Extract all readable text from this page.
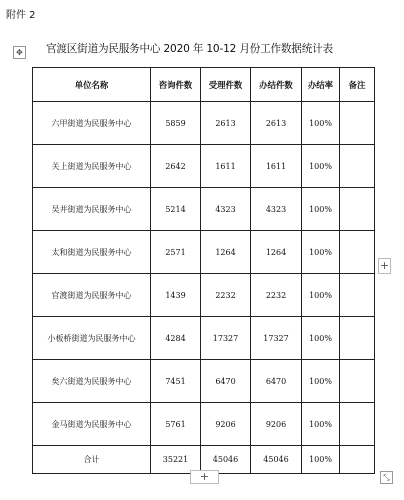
附件 2
✥ 官渡区街道为民服务中心 2020 年 10-12 月份工作数据统计表
单位名称	咨询件数	受理件数	办结件数	办结率	备注
六甲街道为民服务中心	5859	2613	2613	100%	
关上街道为民服务中心	2642	1611	1611	100%	
吴井街道为民服务中心	5214	4323	4323	100%	
太和街道为民服务中心	2571	1264	1264	100%	
官渡街道为民服务中心	1439	2232	2232	100%	
小板桥街道为民服务中心	4284	17327	17327	100%	
矣六街道为民服务中心	7451	6470	6470	100%	
金马街道为民服务中心	5761	9206	9206	100%	
合计	35221	45046	45046	100%	
+
+	⤡
